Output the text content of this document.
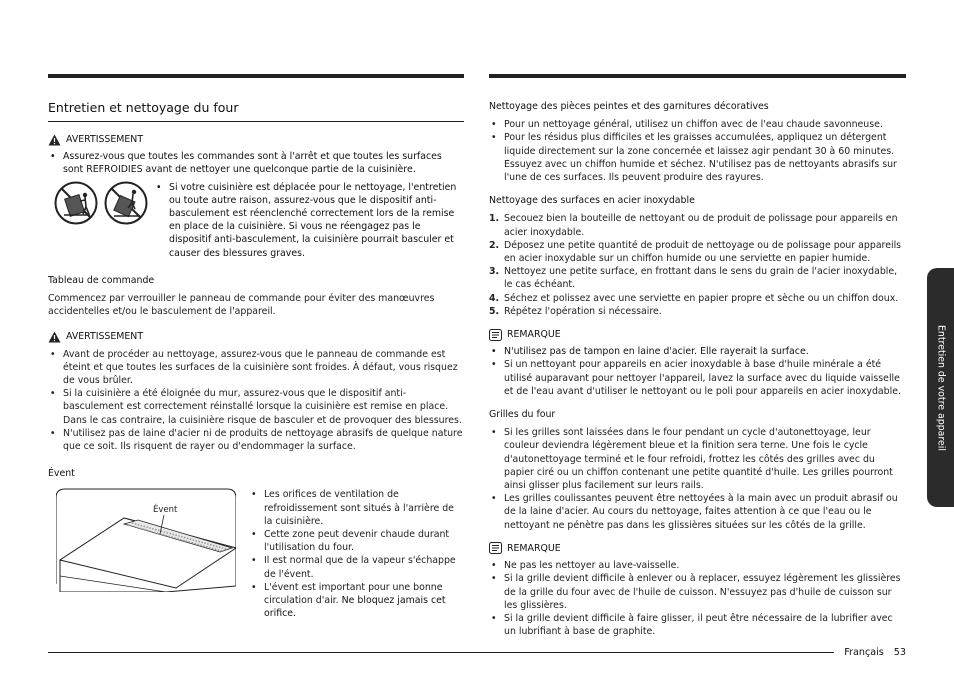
Entretien et nettoyage du four
AVERTISSEMENT
• Assurez-vous que toutes les commandes sont à l'arrêt et que toutes les surfaces sont REFROIDIES avant de nettoyer une quelconque partie de la cuisinière.
• Si votre cuisinière est déplacée pour le nettoyage, l'entretien ou toute autre raison, assurez-vous que le dispositif anti-basculement est réenclenché correctement lors de la remise en place de la cuisinière. Si vous ne réengagez pas le dispositif anti-basculement, la cuisinière pourrait basculer et causer des blessures graves.
Tableau de commande
Commencez par verrouiller le panneau de commande pour éviter des manœuvres accidentelles et/ou le basculement de l'appareil.
AVERTISSEMENT
• Avant de procéder au nettoyage, assurez-vous que le panneau de commande est éteint et que toutes les surfaces de la cuisinière sont froides. À défaut, vous risquez de vous brûler.
• Si la cuisinière a été éloignée du mur, assurez-vous que le dispositif anti-basculement est correctement réinstallé lorsque la cuisinière est remise en place.
Dans le cas contraire, la cuisinière risque de basculer et de provoquer des blessures.
• N'utilisez pas de laine d'acier ni de produits de nettoyage abrasifs de quelque nature que ce soit. Ils risquent de rayer ou d'endommager la surface.
Évent
Évent
• Les orifices de ventilation de refroidissement sont situés à l'arrière de la cuisinière.
• Cette zone peut devenir chaude durant l'utilisation du four.
• Il est normal que de la vapeur s'échappe de l'évent.
• L'évent est important pour une bonne circulation d'air. Ne bloquez jamais cet orifice.
Nettoyage des pièces peintes et des garnitures décoratives
• Pour un nettoyage général, utilisez un chiffon avec de l'eau chaude savonneuse.
• Pour les résidus plus difficiles et les graisses accumulées, appliquez un détergent liquide directement sur la zone concernée et laissez agir pendant 30 à 60 minutes. Essuyez avec un chiffon humide et séchez. N'utilisez pas de nettoyants abrasifs sur l'une de ces surfaces. Ils peuvent produire des rayures.
Nettoyage des surfaces en acier inoxydable
1. Secouez bien la bouteille de nettoyant ou de produit de polissage pour appareils en acier inoxydable.
2. Déposez une petite quantité de produit de nettoyage ou de polissage pour appareils en acier inoxydable sur un chiffon humide ou une serviette en papier humide.
3. Nettoyez une petite surface, en frottant dans le sens du grain de l'acier inoxydable, le cas échéant.
4. Séchez et polissez avec une serviette en papier propre et sèche ou un chiffon doux.
5. Répétez l'opération si nécessaire.
REMARQUE
• N'utilisez pas de tampon en laine d'acier. Elle rayerait la surface.
• Si un nettoyant pour appareils en acier inoxydable à base d'huile minérale a été utilisé auparavant pour nettoyer l'appareil, lavez la surface avec du liquide vaisselle et de l'eau avant d'utiliser le nettoyant ou le poli pour appareils en acier inoxydable.
Grilles du four
• Si les grilles sont laissées dans le four pendant un cycle d'autonettoyage, leur couleur deviendra légèrement bleue et la finition sera terne. Une fois le cycle d'autonettoyage terminé et le four refroidi, frottez les côtés des grilles avec du papier ciré ou un chiffon contenant une petite quantité d'huile. Les grilles pourront ainsi glisser plus facilement sur leurs rails.
• Les grilles coulissantes peuvent être nettoyées à la main avec un produit abrasif ou de la laine d'acier. Au cours du nettoyage, faites attention à ce que l'eau ou le nettoyant ne pénètre pas dans les glissières situées sur les côtés de la grille.
REMARQUE
• Ne pas les nettoyer au lave-vaisselle.
• Si la grille devient difficile à enlever ou à replacer, essuyez légèrement les glissières de la grille du four avec de l'huile de cuisson. N'essuyez pas d'huile de cuisson sur les glissières.
• Si la grille devient difficile à faire glisser, il peut être nécessaire de la lubrifier avec un lubrifiant à base de graphite.
Entretien de votre appareil
Français 53
